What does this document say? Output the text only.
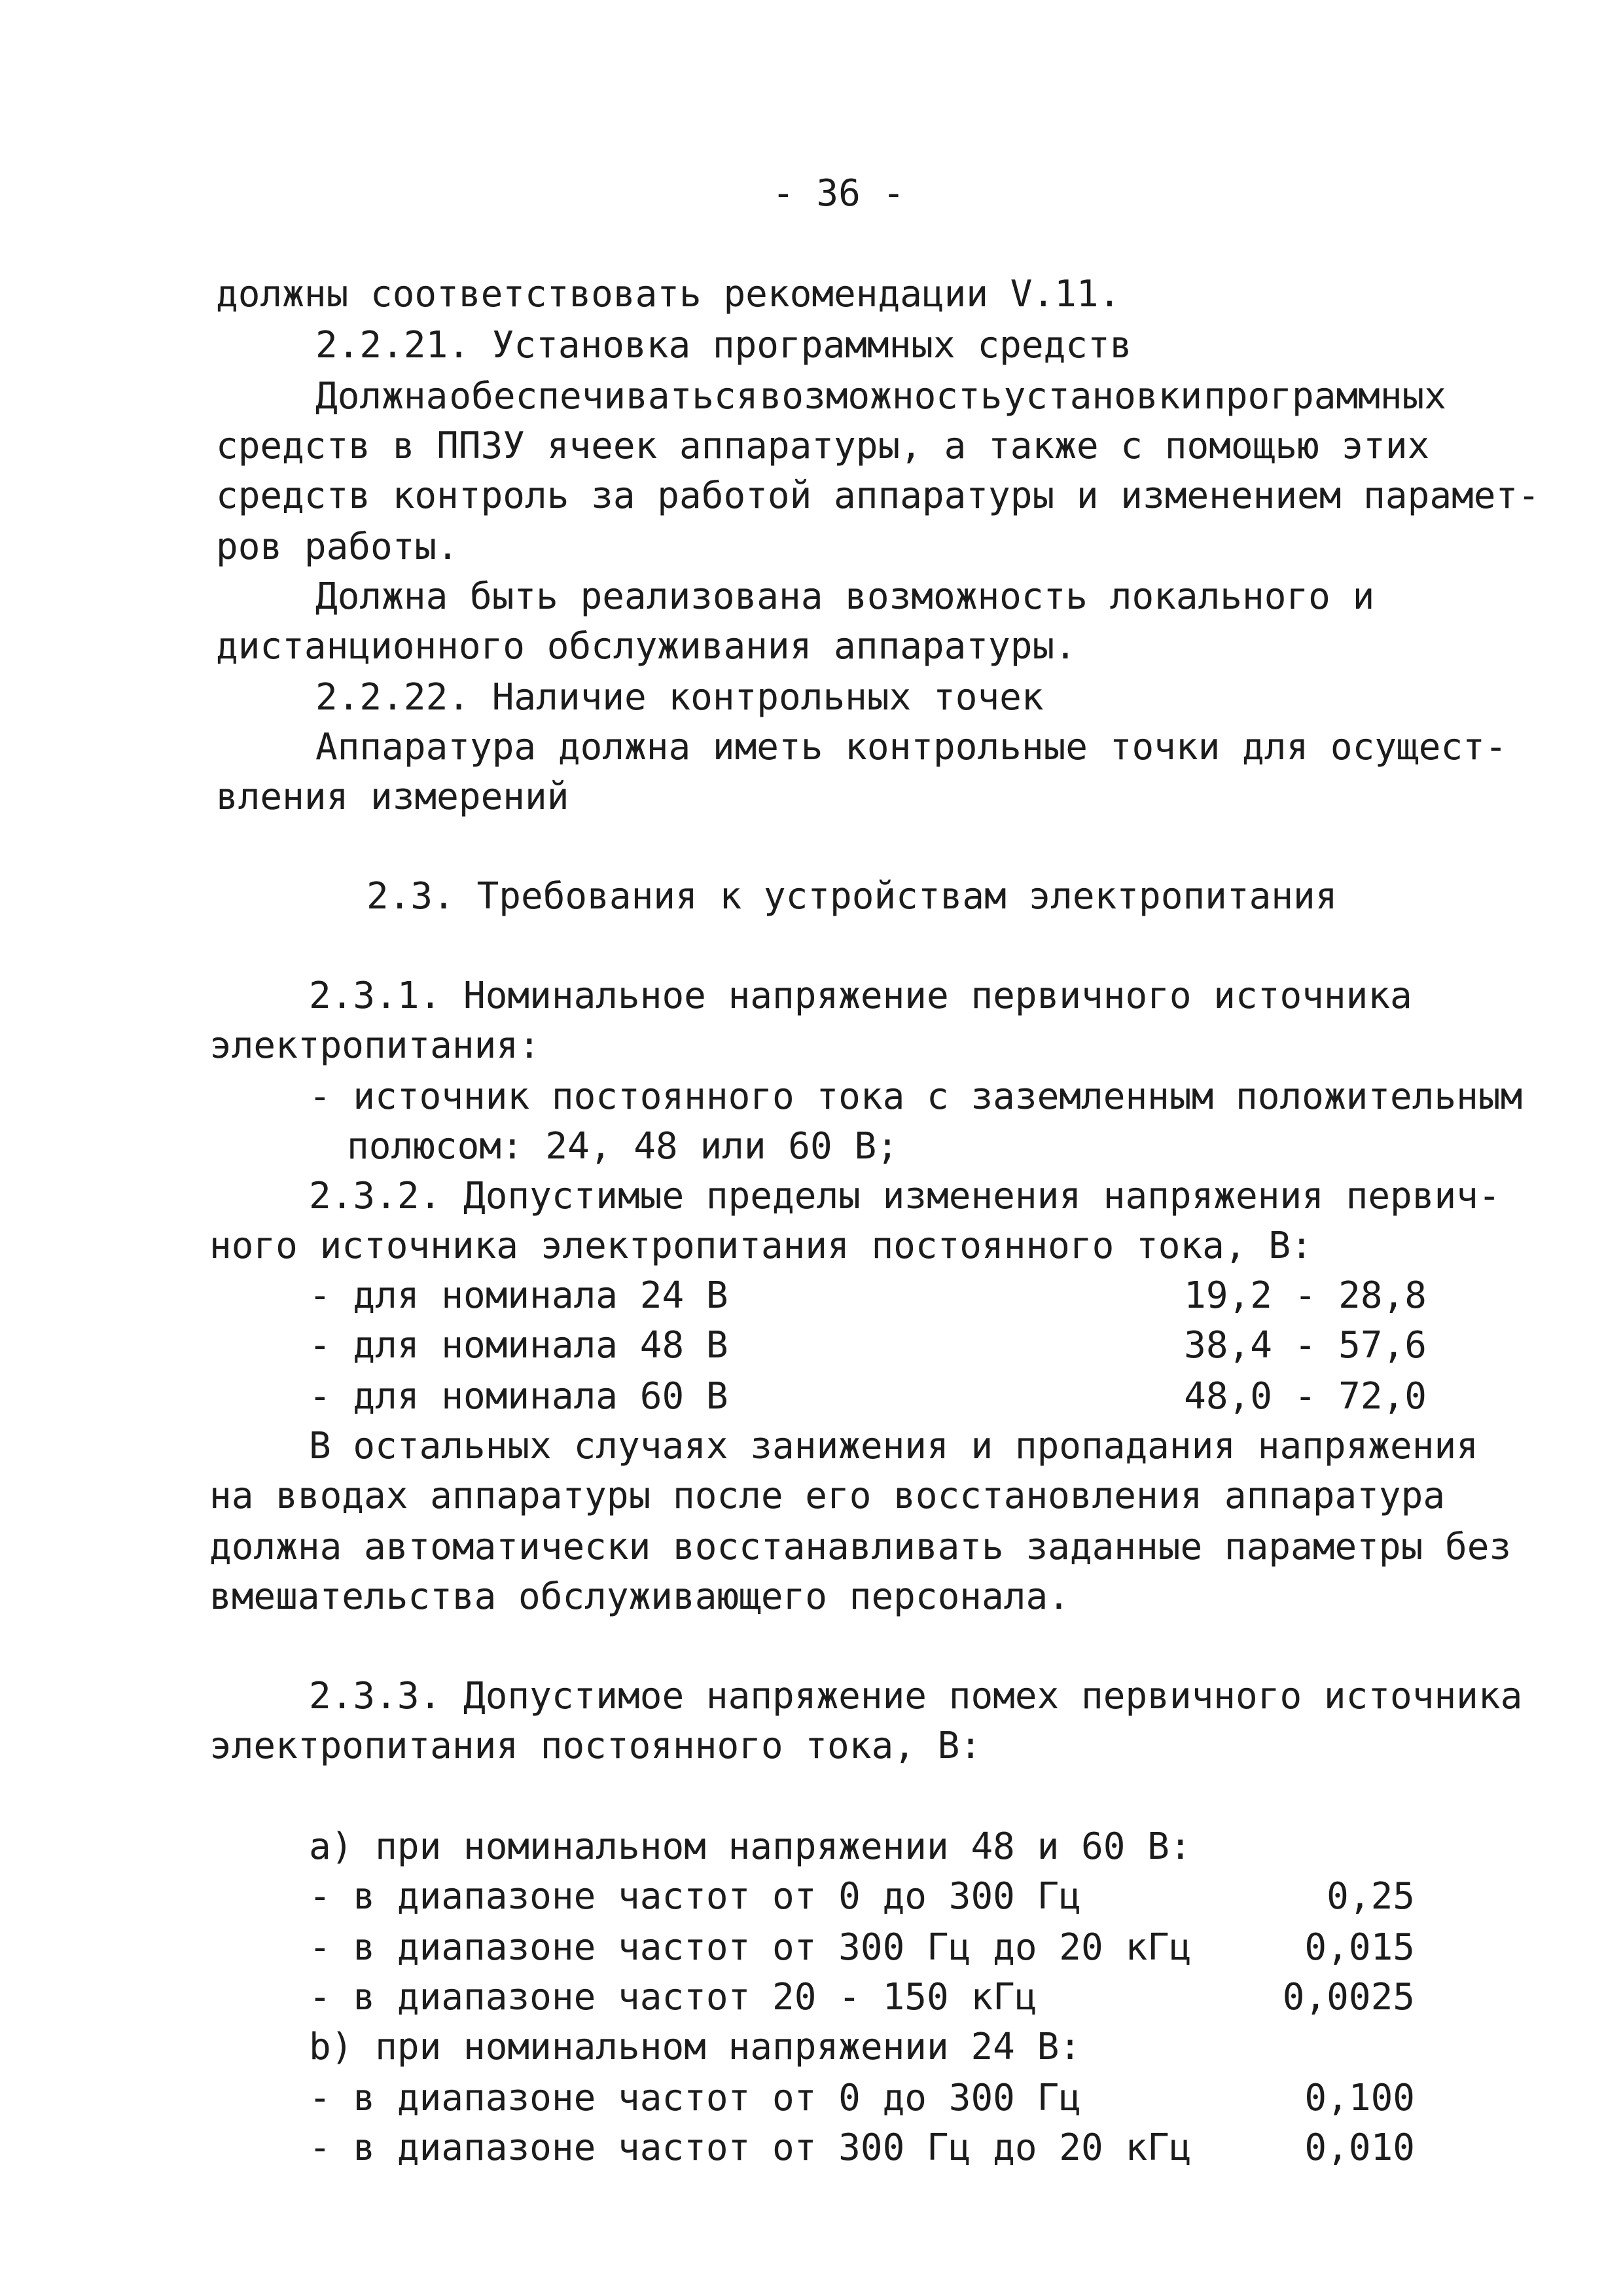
- 36 -
должны соответствовать рекомендации V.11.
2.2.21. Установка программных средств
Должна обеспечиваться возможность установки программных
средств в ППЗУ ячеек аппаратуры, а также с помощью этих
средств контроль за работой аппаратуры и изменением парамет-
ров работы.
Должна быть реализована возможность локального и
дистанционного обслуживания аппаратуры.
2.2.22. Наличие контрольных точек
Аппаратура должна иметь контрольные точки для осущест-
вления измерений
2.3. Требования к устройствам электропитания
2.3.1. Номинальное напряжение первичного источника
электропитания:
- источник постоянного тока с заземленным положительным
полюсом: 24, 48 или 60 В;
2.3.2. Допустимые пределы изменения напряжения первич-
ного источника электропитания постоянного тока, В:
- для номинала 24 В	19,2 - 28,8
- для номинала 48 В	38,4 - 57,6
- для номинала 60 В	48,0 - 72,0
В остальных случаях занижения и пропадания напряжения
на вводах аппаратуры после его восстановления аппаратура
должна автоматически восстанавливать заданные параметры без
вмешательства обслуживающего персонала.
2.3.3. Допустимое напряжение помех первичного источника
электропитания постоянного тока, В:
а) при номинальном напряжении 48 и 60 В:
- в диапазоне частот от 0 до 300 Гц	0,25
- в диапазоне частот от 300 Гц до 20 кГц	0,015
- в диапазоне частот 20 - 150 кГц	0,0025
b) при номинальном напряжении 24 В:
- в диапазоне частот от 0 до 300 Гц	0,100
- в диапазоне частот от 300 Гц до 20 кГц	0,010
